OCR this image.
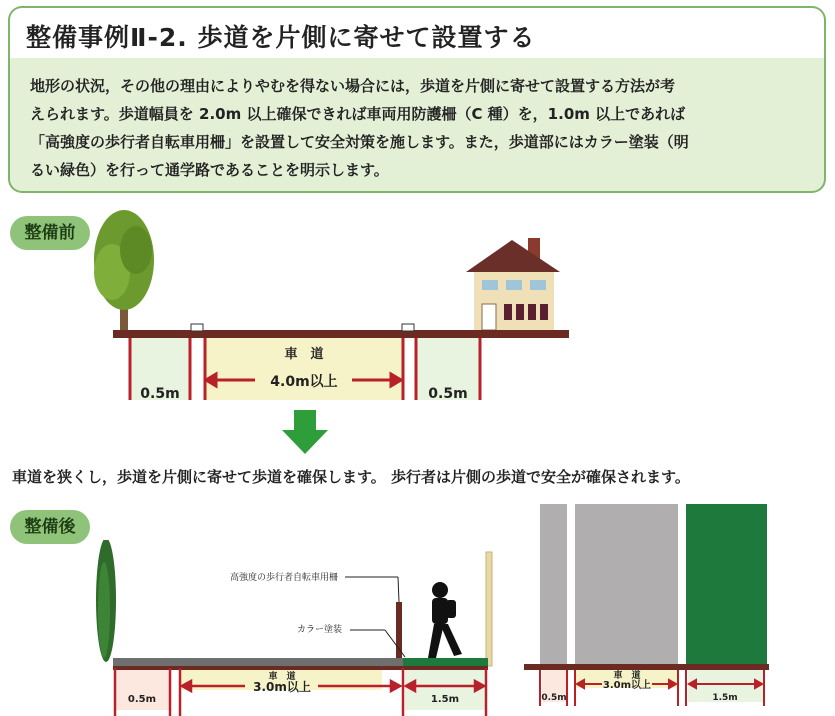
整備事例Ⅱ-2. 歩道を片側に寄せて設置する
地形の状況，その他の理由によりやむを得ない場合には，歩道を片側に寄せて設置する方法が考
えられます。歩道幅員を 2.0m 以上確保できれば車両用防護柵（C 種）を，1.0m 以上であれば
「高強度の歩行者自転車用柵」を設置して安全対策を施します。また，歩道部にはカラー塗装（明
るい緑色）を行って通学路であることを明示します。
整備前
整備後
車道を狭くし，歩道を片側に寄せて歩道を確保します。 歩行者は片側の歩道で安全が確保されます。
車　道
4.0m以上
0.5m	0.5m
車　道
3.0m以上
0.5m	1.5m
高強度の歩行者自転車用柵
カラー塗装
車　道
3.0m以上
0.5m	1.5m
